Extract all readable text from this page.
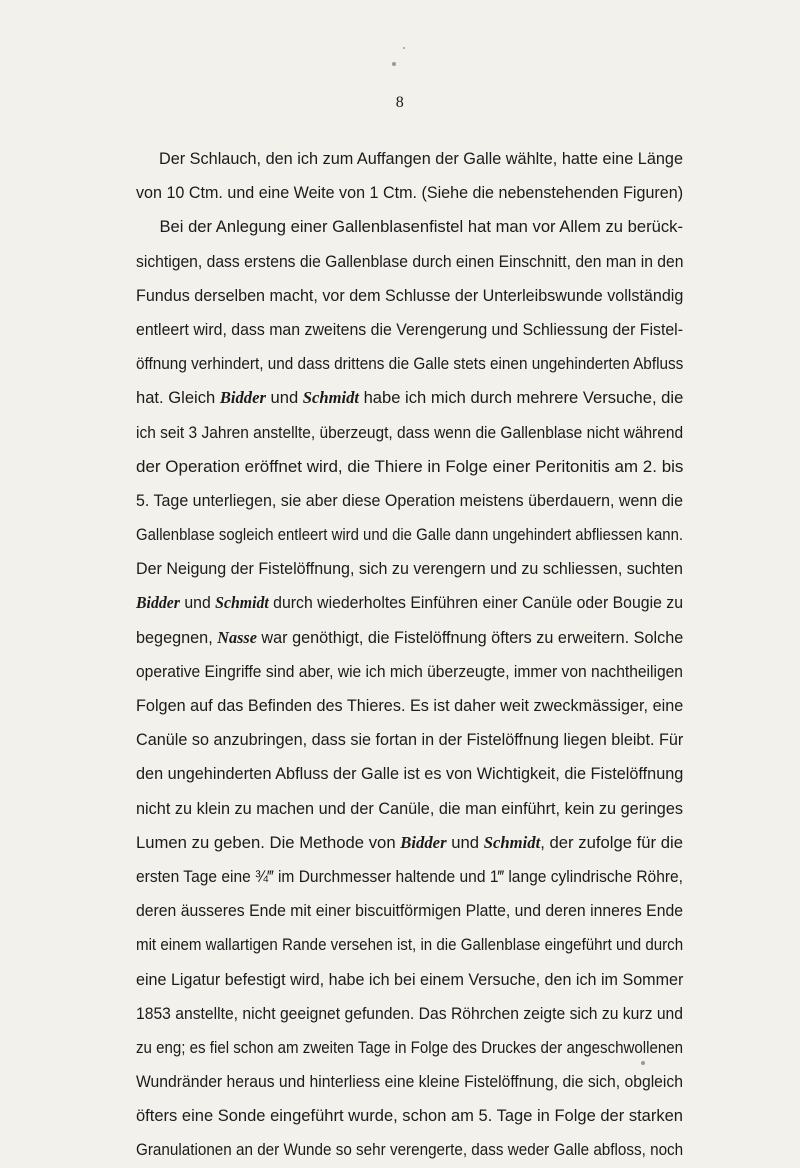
8
Der Schlauch, den ich zum Auffangen der Galle wählte, hatte eine Länge
von 10 Ctm. und eine Weite von 1 Ctm. (Siehe die nebenstehenden Figuren)
Bei der Anlegung einer Gallenblasenfistel hat man vor Allem zu berück-
sichtigen, dass erstens die Gallenblase durch einen Einschnitt, den man in den
Fundus derselben macht, vor dem Schlusse der Unterleibswunde vollständig
entleert wird, dass man zweitens die Verengerung und Schliessung der Fistel-
öffnung verhindert, und dass drittens die Galle stets einen ungehinderten Abfluss
hat. Gleich Bidder und Schmidt habe ich mich durch mehrere Versuche, die
ich seit 3 Jahren anstellte, überzeugt, dass wenn die Gallenblase nicht während
der Operation eröffnet wird, die Thiere in Folge einer Peritonitis am 2. bis
5. Tage unterliegen, sie aber diese Operation meistens überdauern, wenn die
Gallenblase sogleich entleert wird und die Galle dann ungehindert abfliessen kann.
Der Neigung der Fistelöffnung, sich zu verengern und zu schliessen, suchten
Bidder und Schmidt durch wiederholtes Einführen einer Canüle oder Bougie zu
begegnen, Nasse war genöthigt, die Fistelöffnung öfters zu erweitern. Solche
operative Eingriffe sind aber, wie ich mich überzeugte, immer von nachtheiligen
Folgen auf das Befinden des Thieres. Es ist daher weit zweckmässiger, eine
Canüle so anzubringen, dass sie fortan in der Fistelöffnung liegen bleibt. Für
den ungehinderten Abfluss der Galle ist es von Wichtigkeit, die Fistelöffnung
nicht zu klein zu machen und der Canüle, die man einführt, kein zu geringes
Lumen zu geben. Die Methode von Bidder und Schmidt, der zufolge für die
ersten Tage eine ¾‴ im Durchmesser haltende und 1‴ lange cylindrische Röhre,
deren äusseres Ende mit einer biscuitförmigen Platte, und deren inneres Ende
mit einem wallartigen Rande versehen ist, in die Gallenblase eingeführt und durch
eine Ligatur befestigt wird, habe ich bei einem Versuche, den ich im Sommer
1853 anstellte, nicht geeignet gefunden. Das Röhrchen zeigte sich zu kurz und
zu eng; es fiel schon am zweiten Tage in Folge des Druckes der angeschwollenen
Wundränder heraus und hinterliess eine kleine Fistelöffnung, die sich, obgleich
öfters eine Sonde eingeführt wurde, schon am 5. Tage in Folge der starken
Granulationen an der Wunde so sehr verengerte, dass weder Galle abfloss, noch
